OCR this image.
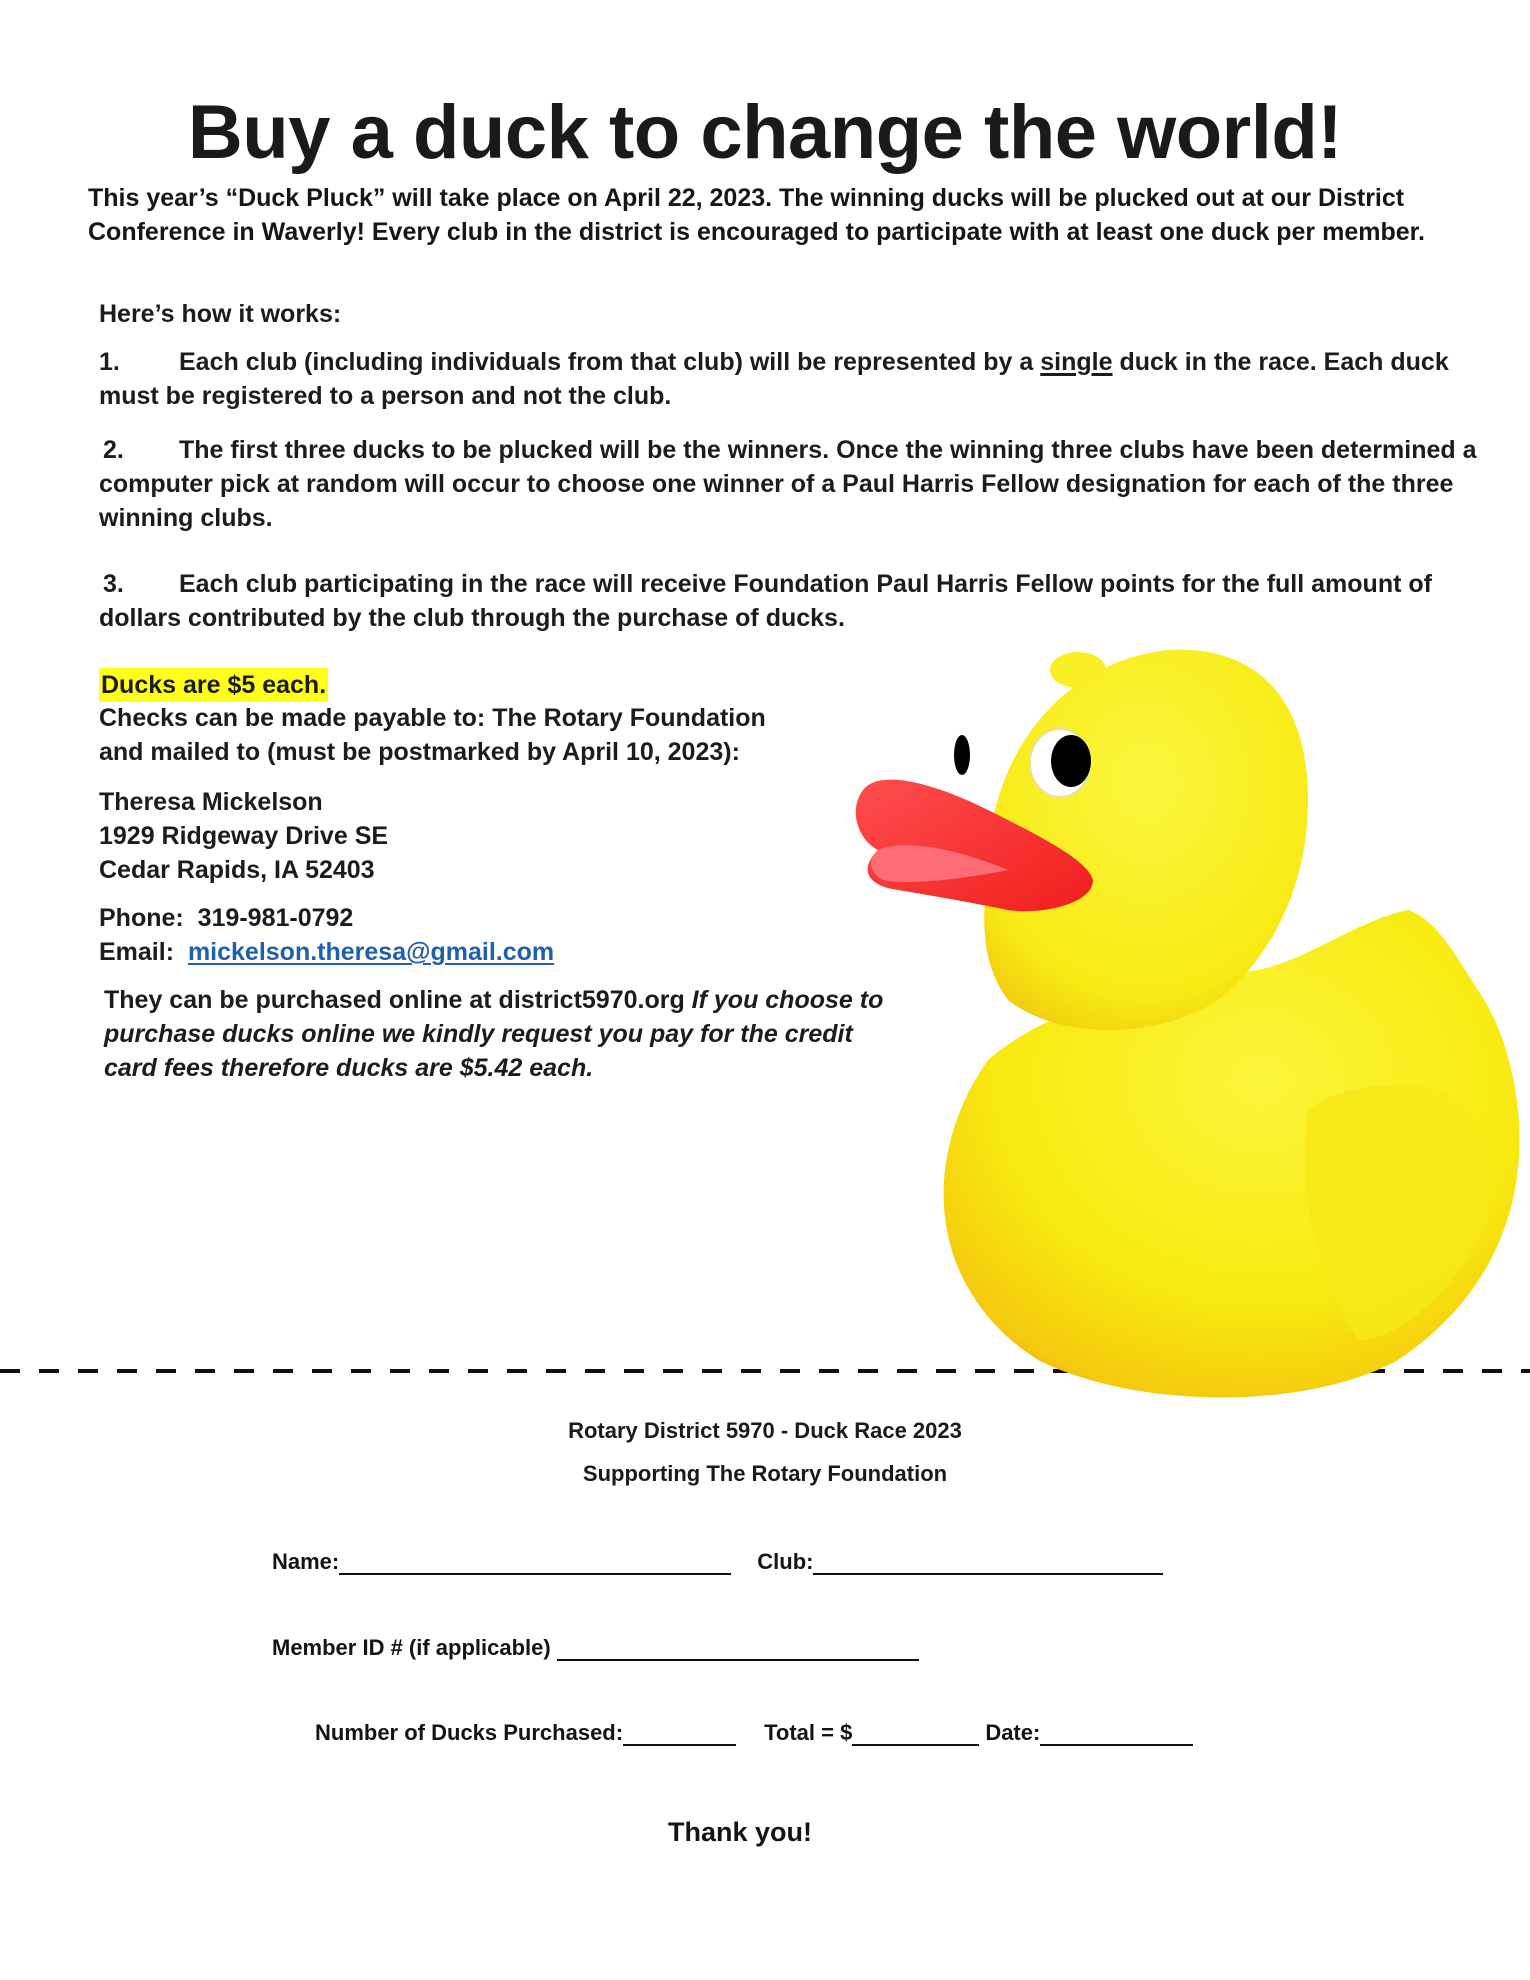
Buy a duck to change the world!
This year’s “Duck Pluck” will take place on April 22, 2023. The winning ducks will be plucked out at our District Conference in Waverly! Every club in the district is encouraged to participate with at least one duck per member.
Here’s how it works:
1. Each club (including individuals from that club) will be represented by a single duck in the race. Each duck must be registered to a person and not the club.
2. The first three ducks to be plucked will be the winners. Once the winning three clubs have been determined a computer pick at random will occur to choose one winner of a Paul Harris Fellow designation for each of the three winning clubs.
3. Each club participating in the race will receive Foundation Paul Harris Fellow points for the full amount of dollars contributed by the club through the purchase of ducks.
Ducks are $5 each.
Checks can be made payable to: The Rotary Foundation
and mailed to (must be postmarked by April 10, 2023):
Theresa Mickelson
1929 Ridgeway Drive SE
Cedar Rapids, IA 52403
Phone: 319-981-0792
Email: mickelson.theresa@gmail.com
They can be purchased online at district5970.org If you choose to purchase ducks online we kindly request you pay for the credit card fees therefore ducks are $5.42 each.
Rotary District 5970 - Duck Race 2023
Supporting The Rotary Foundation
Name:	Club:
Member ID # (if applicable)
Number of Ducks Purchased:	Total = $	Date:
Thank you!
